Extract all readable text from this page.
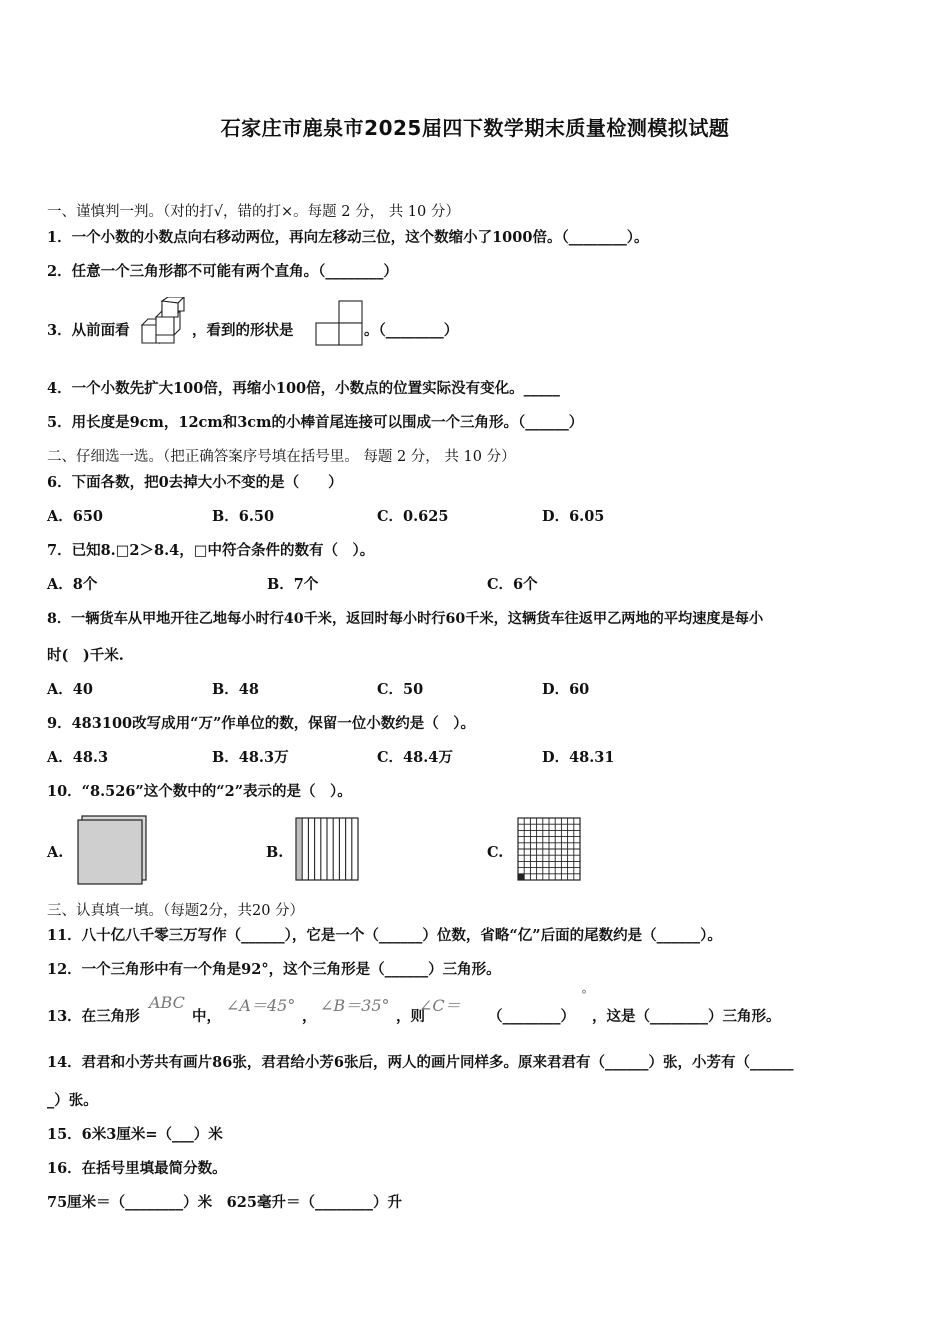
石家庄市鹿泉市2025届四下数学期末质量检测模拟试题
一、谨慎判一判。（对的打√，错的打×。每题 2 分， 共 10 分）
1．一个小数的小数点向右移动两位，再向左移动三位，这个数缩小了1000倍。（________）。
2．任意一个三角形都不可能有两个直角。（________）
3．从前面看	，看到的形状是	。（________）
4．一个小数先扩大100倍，再缩小100倍，小数点的位置实际没有变化。_____
5．用长度是9cm，12cm和3cm的小棒首尾连接可以围成一个三角形。（______）
二、仔细选一选。（把正确答案序号填在括号里。 每题 2 分， 共 10 分）
6．下面各数，把0去掉大小不变的是（　　）
A．650	B．6.50	C．0.625	D．6.05
7．已知8.□2＞8.4，□中符合条件的数有（　）。
A．8个	B．7个	C．6个
8．一辆货车从甲地开往乙地每小时行40千米，返回时每小时行60千米，这辆货车往返甲乙两地的平均速度是每小
时(　)千米.
A．40	B．48	C．50	D．60
9．483100改写成用“万”作单位的数，保留一位小数约是（　）。
A．48.3	B．48.3万	C．48.4万	D．48.31
10．“8.526”这个数中的“2”表示的是（　）。
A.	B.	C.
三、认真填一填。（每题2分，共20 分）
11．八十亿八千零三万写作（______），它是一个（______）位数，省略“亿”后面的尾数约是（______）。
12．一个三角形中有一个角是92°，这个三角形是（______）三角形。
13．在三角形
ABC
中，
∠A＝45°
，
∠B＝35°
，则
∠C＝
（________）
°
，这是（________）三角形。
14．君君和小芳共有画片86张，君君给小芳6张后，两人的画片同样多。原来君君有（______）张，小芳有（______
_）张。
15．6米3厘米=（___）米
16．在括号里填最简分数。
75厘米＝（________）米　625毫升＝（________）升
